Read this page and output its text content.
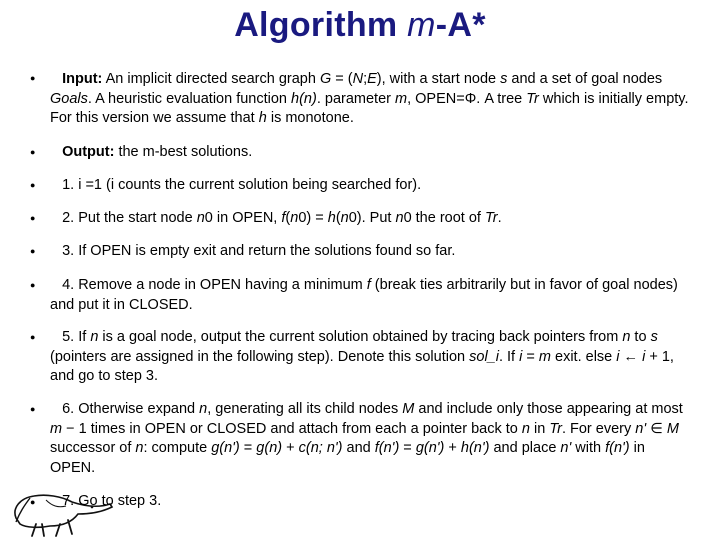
Algorithm m-A*
●	Input: An implicit directed search graph G = (N;E), with a start node s and a set of goal nodes Goals. A heuristic evaluation function h(n). parameter m, OPEN=Φ. A tree Tr which is initially empty. For this version we assume that h is monotone.
●	Output: the m-best solutions.
●	1. i =1 (i counts the current solution being searched for).
●	2. Put the start node n0 in OPEN, f(n0) = h(n0). Put n0 the root of Tr.
●	3. If OPEN is empty exit and return the solutions found so far.
●	4. Remove a node in OPEN having a minimum f (break ties arbitrarily but in favor of goal nodes) and put it in CLOSED.
●	5. If n is a goal node, output the current solution obtained by tracing back pointers from n to s (pointers are assigned in the following step). Denote this solution sol_i. If i = m exit. else i ← i + 1, and go to step 3.
●	6. Otherwise expand n, generating all its child nodes M and include only those appearing at most m − 1 times in OPEN or CLOSED and attach from each a pointer back to n in Tr. For every n' ∈ M successor of n: compute g(n') = g(n) + c(n; n') and f(n') = g(n') + h(n') and place n' with f(n') in OPEN.
●	7. Go to step 3.
